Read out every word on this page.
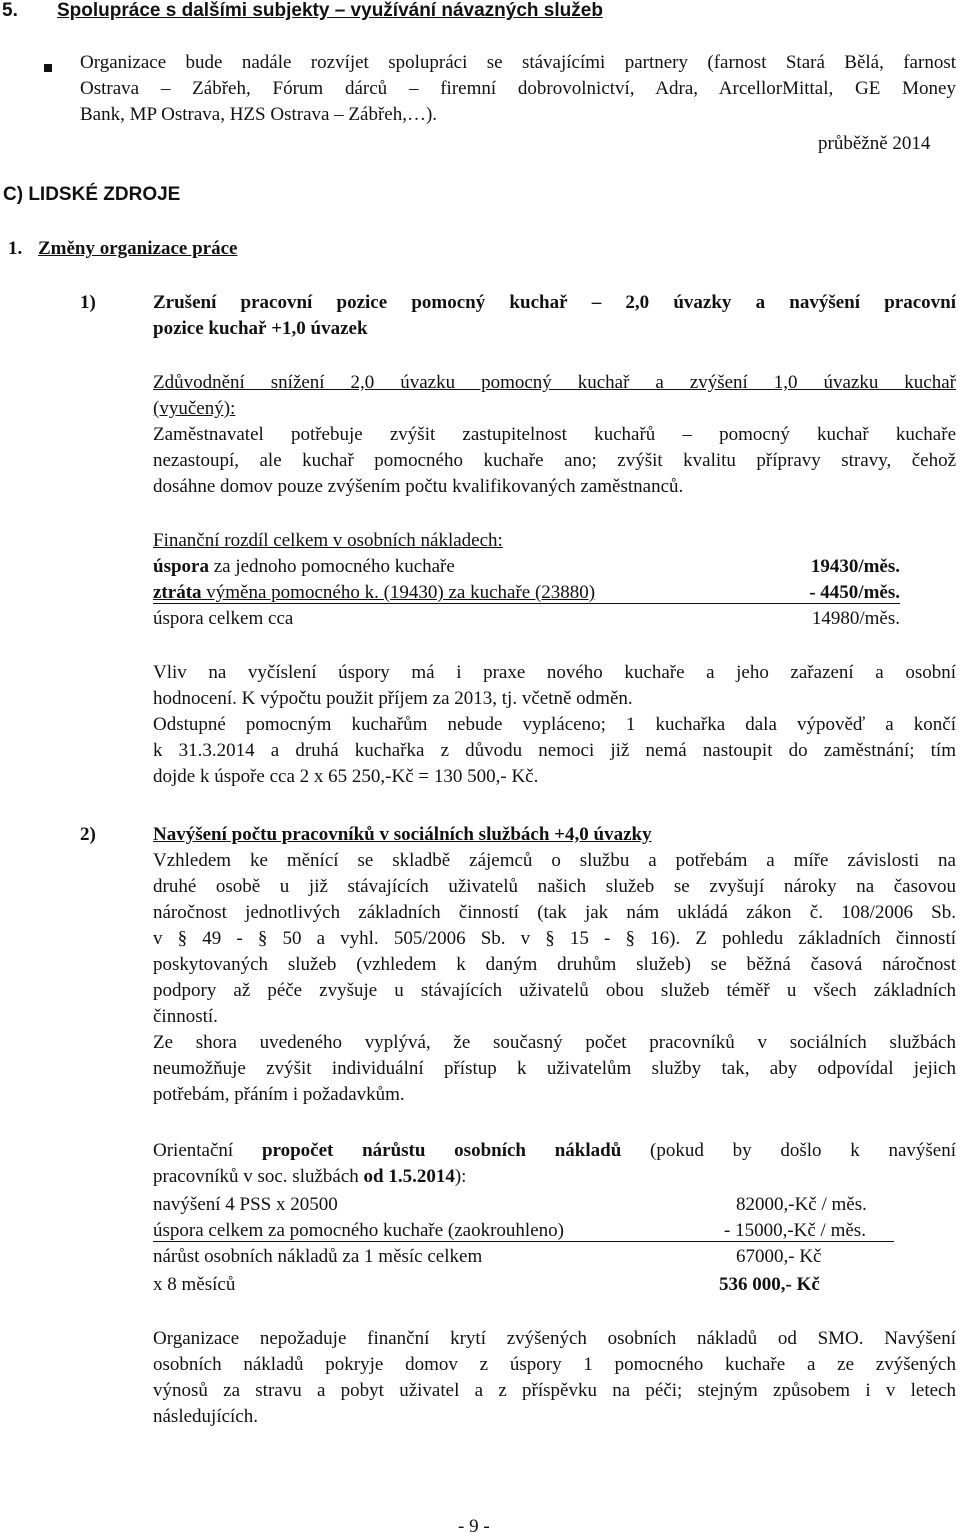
5. Spolupráce s dalšími subjekty – využívání návazných služeb
Organizace bude nadále rozvíjet spolupráci se stávajícími partnery (farnost Stará Bělá, farnost
Ostrava – Zábřeh, Fórum dárců – firemní dobrovolnictví, Adra, ArcellorMittal, GE Money
Bank, MP Ostrava, HZS Ostrava – Zábřeh,…).
průběžně 2014
C) LIDSKÉ ZDROJE
1. Změny organizace práce
1)	Zrušení pracovní pozice pomocný kuchař – 2,0 úvazky a navýšení pracovní
pozice kuchař +1,0 úvazek
Zdůvodnění snížení 2,0 úvazku pomocný kuchař a zvýšení 1,0 úvazku kuchař
(vyučený):
Zaměstnavatel potřebuje zvýšit zastupitelnost kuchařů – pomocný kuchař kuchaře
nezastoupí, ale kuchař pomocného kuchaře ano; zvýšit kvalitu přípravy stravy, čehož
dosáhne domov pouze zvýšením počtu kvalifikovaných zaměstnanců.
Finanční rozdíl celkem v osobních nákladech:
úspora za jednoho pomocného kuchaře	19430/měs.
ztráta výměna pomocného k. (19430) za kuchaře (23880)	- 4450/měs.
úspora celkem cca	14980/měs.
Vliv na vyčíslení úspory má i praxe nového kuchaře a jeho zařazení a osobní
hodnocení. K výpočtu použit příjem za 2013, tj. včetně odměn.
Odstupné pomocným kuchařům nebude vypláceno; 1 kuchařka dala výpověď a končí
k 31.3.2014 a druhá kuchařka z důvodu nemoci již nemá nastoupit do zaměstnání; tím
dojde k úspoře cca 2 x 65 250,-Kč = 130 500,- Kč.
2)	Navýšení počtu pracovníků v sociálních službách +4,0 úvazky
Vzhledem ke měnící se skladbě zájemců o službu a potřebám a míře závislosti na
druhé osobě u již stávajících uživatelů našich služeb se zvyšují nároky na časovou
náročnost jednotlivých základních činností (tak jak nám ukládá zákon č. 108/2006 Sb.
v § 49 - § 50 a vyhl. 505/2006 Sb. v § 15 - § 16). Z pohledu základních činností
poskytovaných služeb (vzhledem k daným druhům služeb) se běžná časová náročnost
podpory až péče zvyšuje u stávajících uživatelů obou služeb téměř u všech základních
činností.
Ze shora uvedeného vyplývá, že současný počet pracovníků v sociálních službách
neumožňuje zvýšit individuální přístup k uživatelům služby tak, aby odpovídal jejich
potřebám, přáním i požadavkům.
Orientační propočet nárůstu osobních nákladů (pokud by došlo k navýšení
pracovníků v soc. službách od 1.5.2014):
navýšení 4 PSS x 20500	82000,-Kč / měs.
úspora celkem za pomocného kuchaře (zaokrouhleno)	- 15000,-Kč / měs.
nárůst osobních nákladů za 1 měsíc celkem	67000,- Kč
x 8 měsíců	536 000,- Kč
Organizace nepožaduje finanční krytí zvýšených osobních nákladů od SMO. Navýšení
osobních nákladů pokryje domov z úspory 1 pomocného kuchaře a ze zvýšených
výnosů za stravu a pobyt uživatel a z příspěvku na péči; stejným způsobem i v letech
následujících.
- 9 -
